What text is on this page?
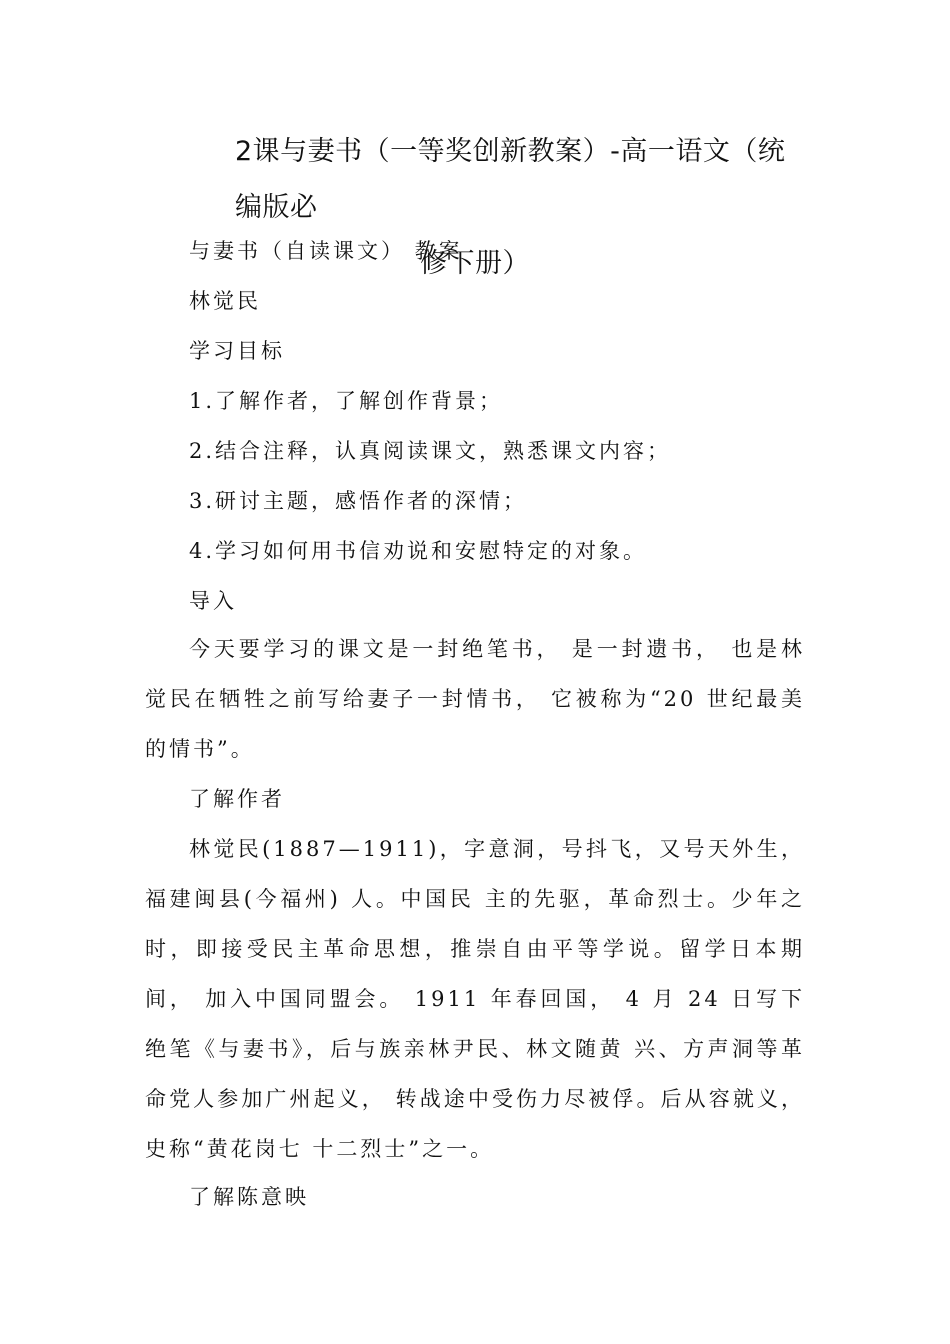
2课与妻书（一等奖创新教案）-高一语文（统编版必
修下册）

与妻书（自读课文） 教案

林觉民

学习目标

1.了解作者，了解创作背景；

2.结合注释，认真阅读课文，熟悉课文内容；

3.研讨主题，感悟作者的深情；

4.学习如何用书信劝说和安慰特定的对象。

导入

今天要学习的课文是一封绝笔书， 是一封遗书， 也是林觉民在牺牲之前写给妻子一封情书， 它被称为“20 世纪最美的情书”。

了解作者

林觉民(1887—1911)，字意洞，号抖飞，又号天外生，福建闽县(今福州) 人。中国民 主的先驱，革命烈士。少年之时，即接受民主革命思想，推崇自由平等学说。留学日本期间， 加入中国同盟会。 1911 年春回国， 4 月 24 日写下绝笔《与妻书》，后与族亲林尹民、林文随黄 兴、方声洞等革命党人参加广州起义， 转战途中受伤力尽被俘。后从容就义， 史称“黄花岗七 十二烈士”之一。

了解陈意映
